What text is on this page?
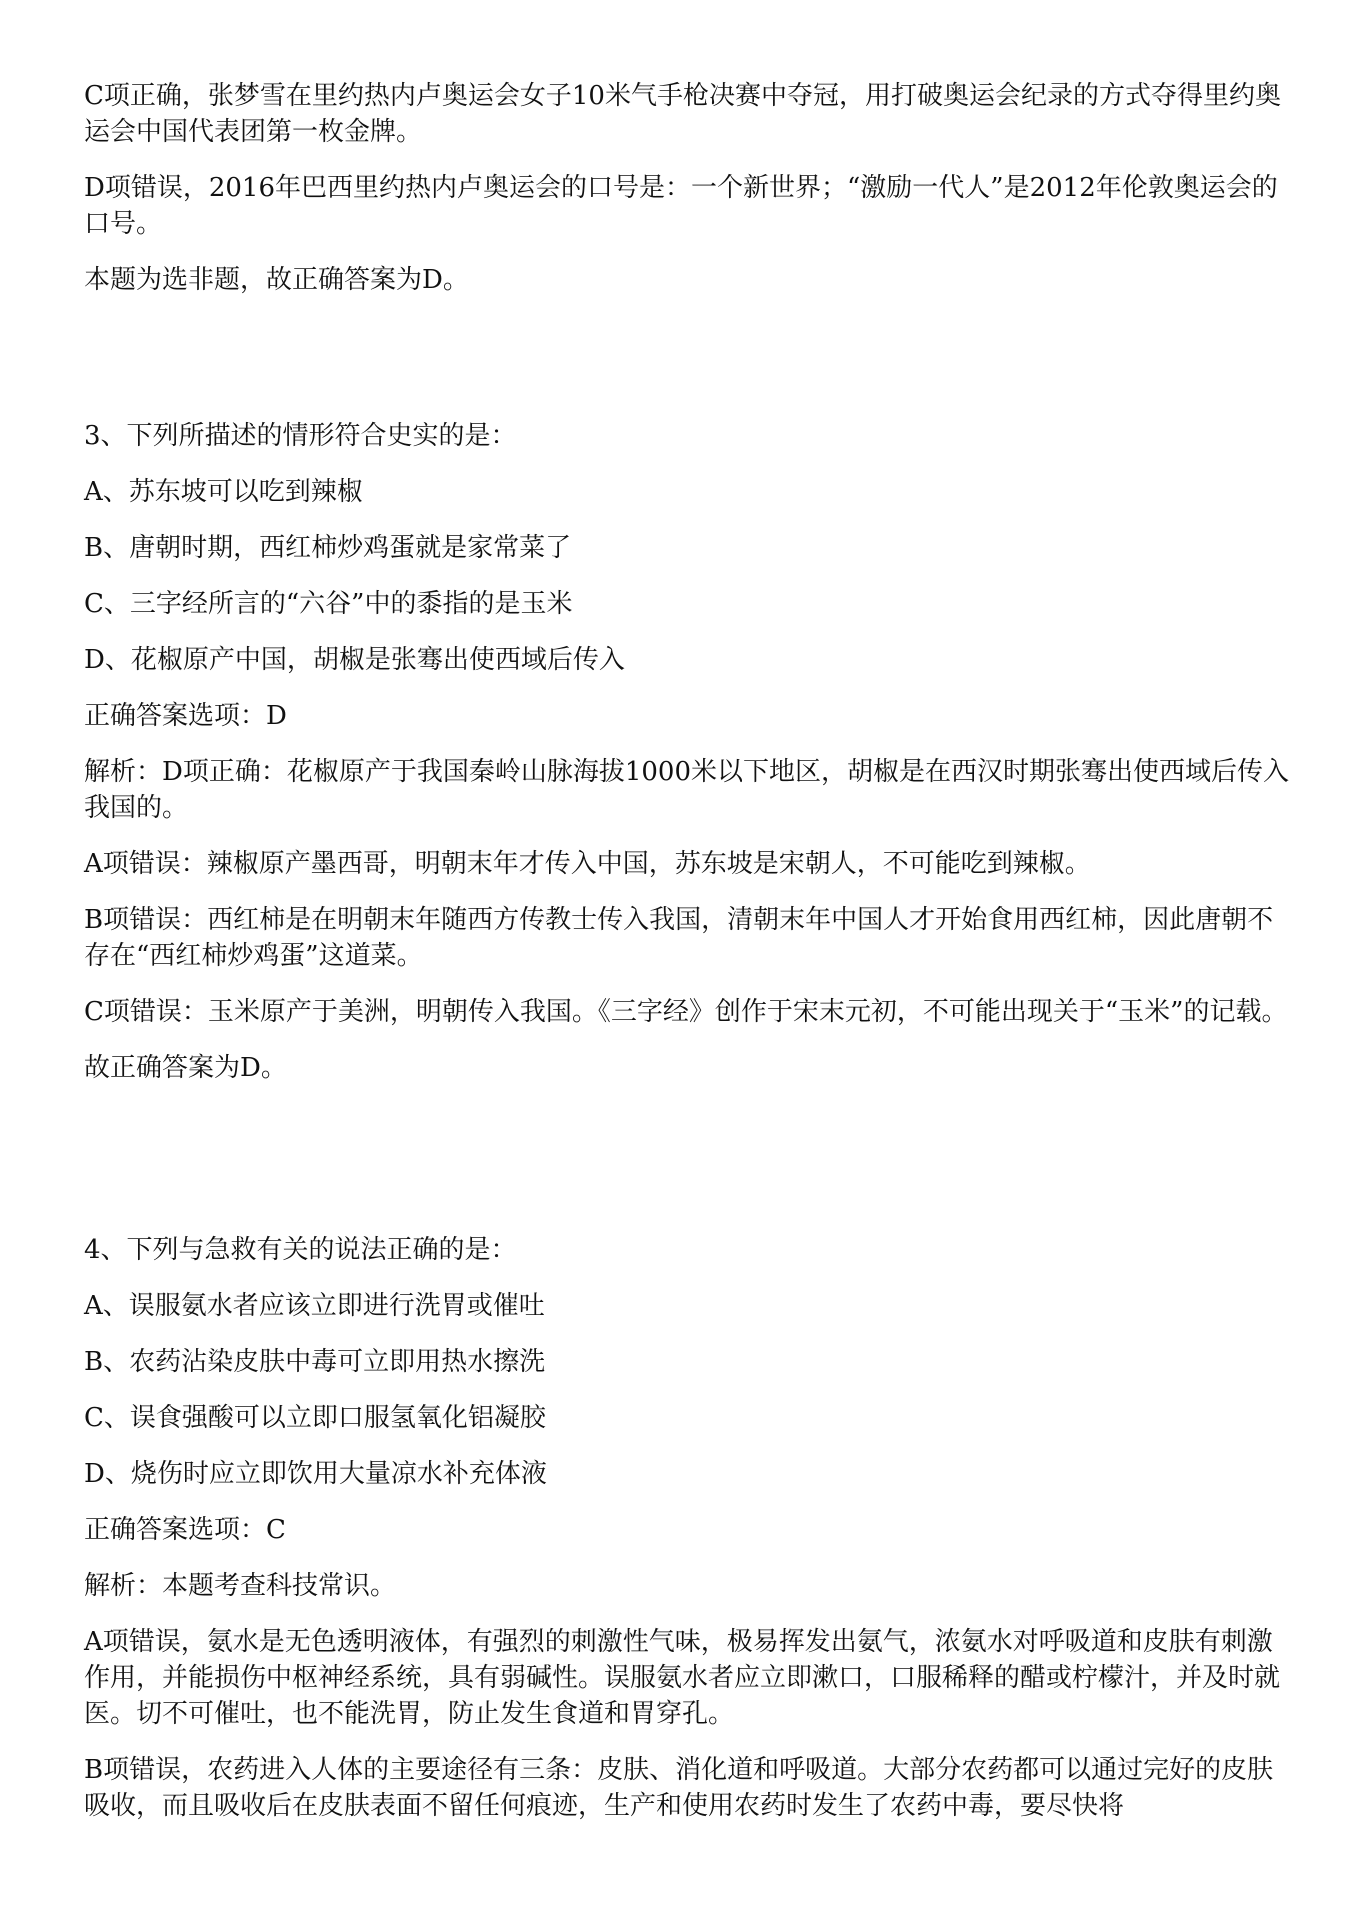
C项正确，张梦雪在里约热内卢奥运会女子10米气手枪决赛中夺冠，用打破奥运会纪录的方式夺得里约奥运会中国代表团第一枚金牌。

D项错误，2016年巴西里约热内卢奥运会的口号是：一个新世界；“激励一代人”是2012年伦敦奥运会的口号。

本题为选非题，故正确答案为D。

3、下列所描述的情形符合史实的是：

A、苏东坡可以吃到辣椒

B、唐朝时期，西红柿炒鸡蛋就是家常菜了

C、三字经所言的“六谷”中的黍指的是玉米

D、花椒原产中国，胡椒是张骞出使西域后传入

正确答案选项：D

解析：D项正确：花椒原产于我国秦岭山脉海拔1000米以下地区，胡椒是在西汉时期张骞出使西域后传入我国的。

A项错误：辣椒原产墨西哥，明朝末年才传入中国，苏东坡是宋朝人，不可能吃到辣椒。

B项错误：西红柿是在明朝末年随西方传教士传入我国，清朝末年中国人才开始食用西红柿，因此唐朝不存在“西红柿炒鸡蛋”这道菜。

C项错误：玉米原产于美洲，明朝传入我国。《三字经》创作于宋末元初，不可能出现关于“玉米”的记载。

故正确答案为D。

4、下列与急救有关的说法正确的是：

A、误服氨水者应该立即进行洗胃或催吐

B、农药沾染皮肤中毒可立即用热水擦洗

C、误食强酸可以立即口服氢氧化铝凝胶

D、烧伤时应立即饮用大量凉水补充体液

正确答案选项：C

解析：本题考查科技常识。

A项错误，氨水是无色透明液体，有强烈的刺激性气味，极易挥发出氨气，浓氨水对呼吸道和皮肤有刺激作用，并能损伤中枢神经系统，具有弱碱性。误服氨水者应立即漱口，口服稀释的醋或柠檬汁，并及时就医。切不可催吐，也不能洗胃，防止发生食道和胃穿孔。

B项错误，农药进入人体的主要途径有三条：皮肤、消化道和呼吸道。大部分农药都可以通过完好的皮肤吸收，而且吸收后在皮肤表面不留任何痕迹，生产和使用农药时发生了农药中毒，要尽快将
